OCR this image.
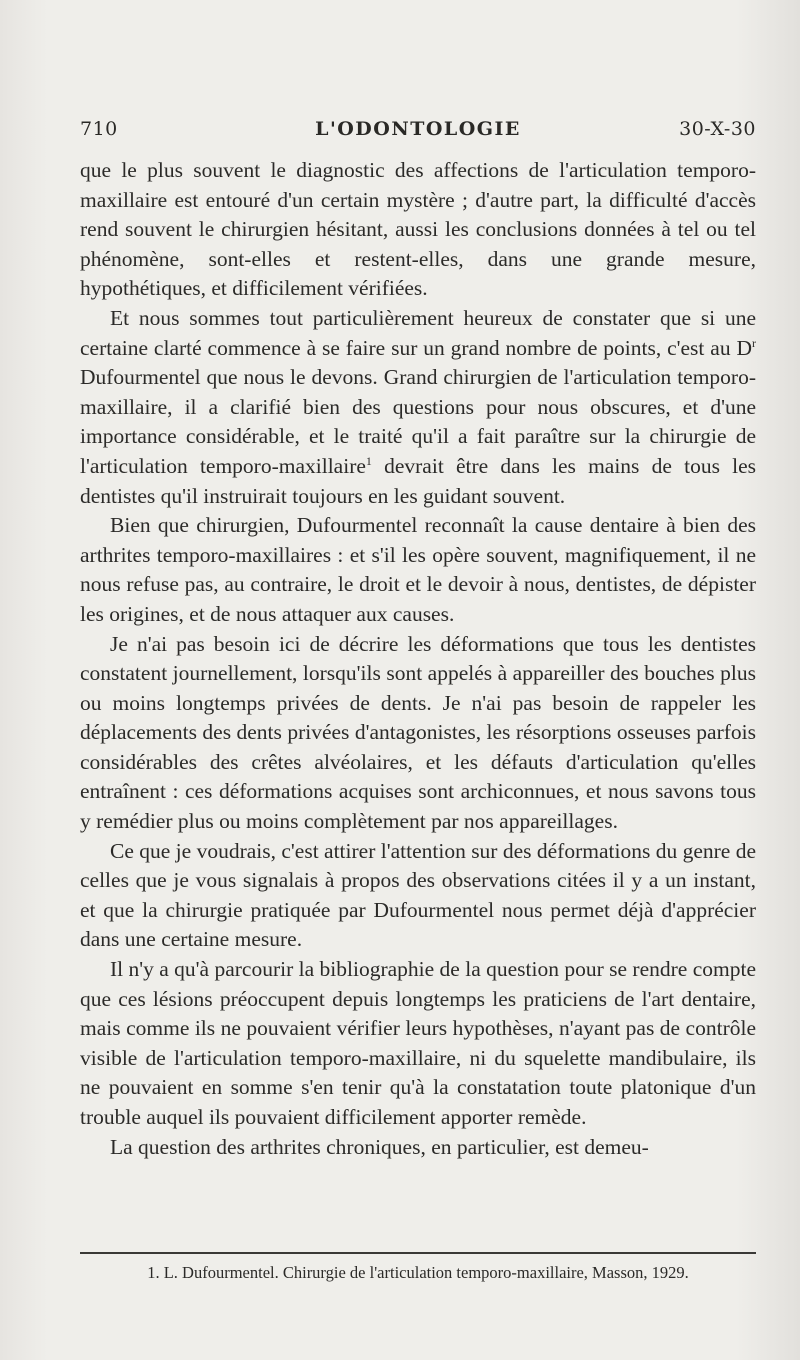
710	L'ODONTOLOGIE	30-X-30

que le plus souvent le diagnostic des affections de l'articulation temporo-maxillaire est entouré d'un certain mystère ; d'autre part, la difficulté d'accès rend souvent le chirurgien hésitant, aussi les conclusions données à tel ou tel phénomène, sont-elles et restent-elles, dans une grande mesure, hypothétiques, et difficilement vérifiées.

Et nous sommes tout particulièrement heureux de constater que si une certaine clarté commence à se faire sur un grand nombre de points, c'est au $D^r$ Dufourmentel que nous le devons. Grand chirurgien de l'articulation temporo-maxillaire, il a clarifié bien des questions pour nous obscures, et d'une importance considérable, et le traité qu'il a fait paraître sur la chirurgie de l'articulation temporo-maxillaire$^1$ devrait être dans les mains de tous les dentistes qu'il instruirait toujours en les guidant souvent.

Bien que chirurgien, Dufourmentel reconnaît la cause dentaire à bien des arthrites temporo-maxillaires : et s'il les opère souvent, magnifiquement, il ne nous refuse pas, au contraire, le droit et le devoir à nous, dentistes, de dépister les origines, et de nous attaquer aux causes.

Je n'ai pas besoin ici de décrire les déformations que tous les dentistes constatent journellement, lorsqu'ils sont appelés à appareiller des bouches plus ou moins longtemps privées de dents. Je n'ai pas besoin de rappeler les déplacements des dents privées d'antagonistes, les résorptions osseuses parfois considérables des crêtes alvéolaires, et les défauts d'articulation qu'elles entraînent : ces déformations acquises sont archiconnues, et nous savons tous y remédier plus ou moins complètement par nos appareillages.

Ce que je voudrais, c'est attirer l'attention sur des déformations du genre de celles que je vous signalais à propos des observations citées il y a un instant, et que la chirurgie pratiquée par Dufourmentel nous permet déjà d'apprécier dans une certaine mesure.

Il n'y a qu'à parcourir la bibliographie de la question pour se rendre compte que ces lésions préoccupent depuis longtemps les praticiens de l'art dentaire, mais comme ils ne pouvaient vérifier leurs hypothèses, n'ayant pas de contrôle visible de l'articulation temporo-maxillaire, ni du squelette mandibulaire, ils ne pouvaient en somme s'en tenir qu'à la constatation toute platonique d'un trouble auquel ils pouvaient difficilement apporter remède.

La question des arthrites chroniques, en particulier, est demeu-

1. L. Dufourmentel. Chirurgie de l'articulation temporo-maxillaire, Masson, 1929.
